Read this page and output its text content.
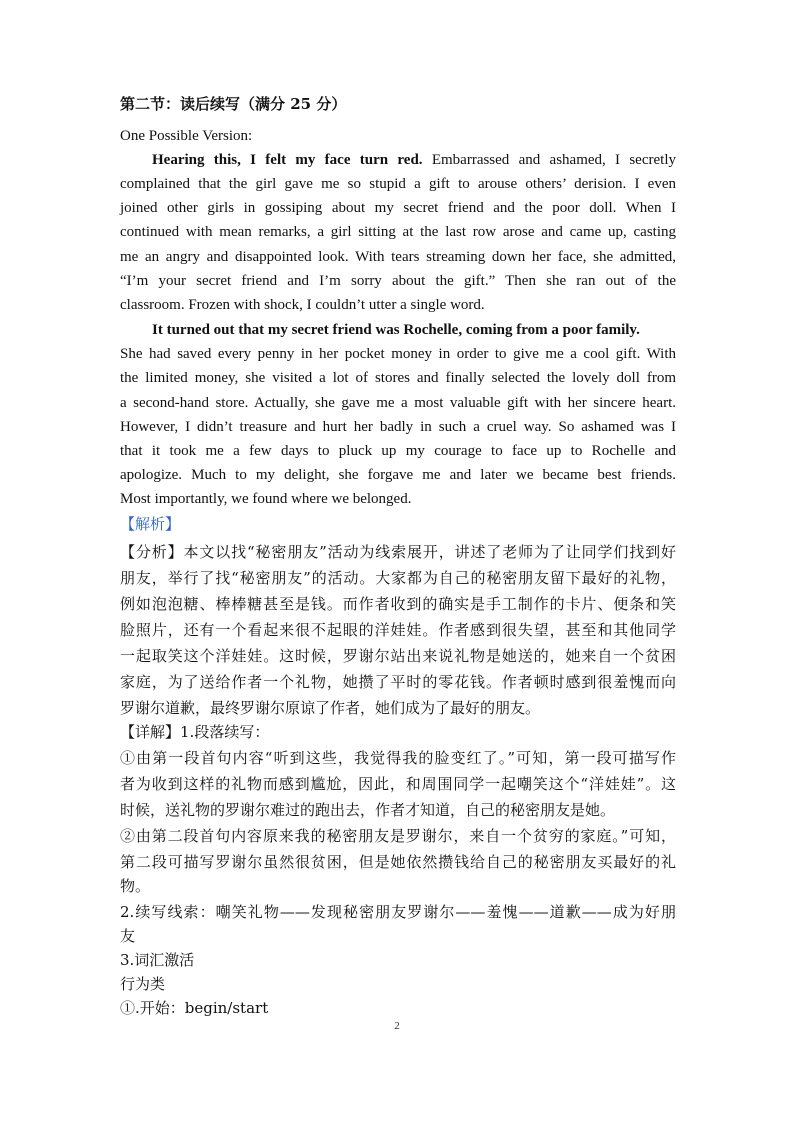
第二节：读后续写（满分 25 分）
One Possible Version:
Hearing this, I felt my face turn red. Embarrassed and ashamed, I secretly
complained that the girl gave me so stupid a gift to arouse others’ derision. I even
joined other girls in gossiping about my secret friend and the poor doll. When I
continued with mean remarks, a girl sitting at the last row arose and came up, casting
me an angry and disappointed look. With tears streaming down her face, she admitted,
“I’m your secret friend and I’m sorry about the gift.” Then she ran out of the
classroom. Frozen with shock, I couldn’t utter a single word.
It turned out that my secret friend was Rochelle, coming from a poor family.
She had saved every penny in her pocket money in order to give me a cool gift. With
the limited money, she visited a lot of stores and finally selected the lovely doll from
a second-hand store. Actually, she gave me a most valuable gift with her sincere heart.
However, I didn’t treasure and hurt her badly in such a cruel way. So ashamed was I
that it took me a few days to pluck up my courage to face up to Rochelle and
apologize. Much to my delight, she forgave me and later we became best friends.
Most importantly, we found where we belonged.
【解析】
【分析】本文以找“秘密朋友”活动为线索展开，讲述了老师为了让同学们找到好
朋友，举行了找“秘密朋友”的活动。大家都为自己的秘密朋友留下最好的礼物，
例如泡泡糖、棒棒糖甚至是钱。而作者收到的确实是手工制作的卡片、便条和笑
脸照片，还有一个看起来很不起眼的洋娃娃。作者感到很失望，甚至和其他同学
一起取笑这个洋娃娃。这时候，罗谢尔站出来说礼物是她送的，她来自一个贫困
家庭，为了送给作者一个礼物，她攒了平时的零花钱。作者顿时感到很羞愧而向
罗谢尔道歉，最终罗谢尔原谅了作者，她们成为了最好的朋友。
【详解】1.段落续写：
①由第一段首句内容“听到这些，我觉得我的脸变红了。”可知，第一段可描写作
者为收到这样的礼物而感到尴尬，因此，和周围同学一起嘲笑这个“洋娃娃”。这
时候，送礼物的罗谢尔难过的跑出去，作者才知道，自己的秘密朋友是她。
②由第二段首句内容原来我的秘密朋友是罗谢尔，来自一个贫穷的家庭。”可知，
第二段可描写罗谢尔虽然很贫困，但是她依然攒钱给自己的秘密朋友买最好的礼
物。
2.续写线索：嘲笑礼物——发现秘密朋友罗谢尔——羞愧——道歉——成为好朋
友
3.词汇激活
行为类
①.开始：begin/start
2
